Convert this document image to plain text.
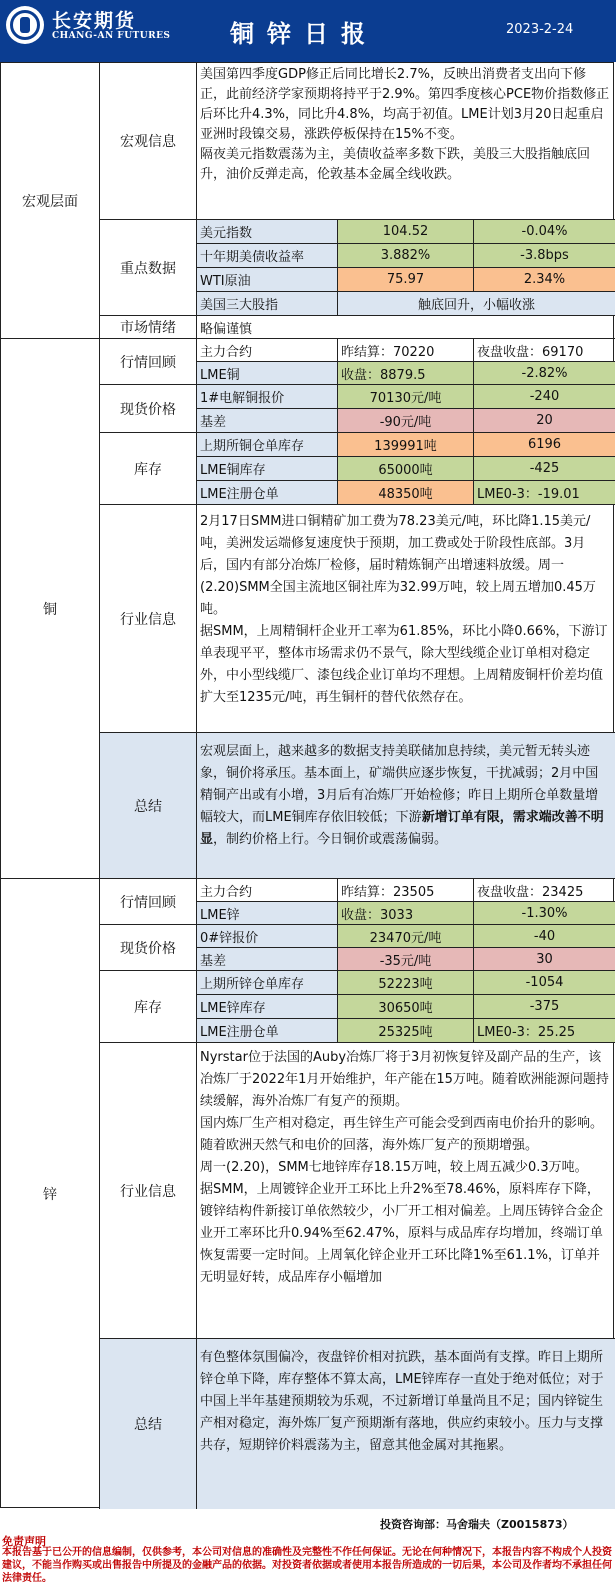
长安期货
CHANG-AN FUTURES 铜锌日报	2023-2-24
宏观层面
宏观信息

美国第四季度GDP修正后同比增长2.7%，反映出消费者支出向下修正，此前经济学家预期将持平于2.9%。第四季度核心PCE物价指数修正后环比升4.3%，同比升4.8%，均高于初值。LME计划3月20日起重启亚洲时段镍交易，涨跌停板保持在15%不变。

隔夜美元指数震荡为主，美债收益率多数下跌，美股三大股指触底回升，油价反弹走高，伦敦基本金属全线收跌。

重点数据
美元指数	104.52	-0.04%
十年期美债收益率	3.882%	-3.8bps
WTI原油	75.97	2.34%
美国三大股指	触底回升，小幅收涨
市场情绪	略偏谨慎
铜
行情回顾
主力合约	昨结算：70220	夜盘收盘：69170
LME铜	收盘：8879.5	-2.82%
现货价格
1#电解铜报价	70130元/吨	-240
基差	-90元/吨	20
库存
上期所铜仓单库存	139991吨	6196
LME铜库存	65000吨	-425
LME注册仓单	48350吨	LME0-3：-19.01
行业信息

2月17日SMM进口铜精矿加工费为78.23美元/吨，环比降1.15美元/吨，美洲发运端修复速度快于预期，加工费或处于阶段性底部。3月后，国内有部分冶炼厂检修，届时精炼铜产出增速料放缓。周一(2.20)SMM全国主流地区铜社库为32.99万吨，较上周五增加0.45万吨。

据SMM，上周精铜杆企业开工率为61.85%，环比小降0.66%，下游订单表现平平，整体市场需求仍不景气，除大型线缆企业订单相对稳定外，中小型线缆厂、漆包线企业订单均不理想。上周精废铜杆价差均值扩大至1235元/吨，再生铜杆的替代依然存在。

总结
宏观层面上，越来越多的数据支持美联储加息持续，美元暂无转头迹象，铜价将承压。基本面上，矿端供应逐步恢复，干扰减弱；2月中国精铜产出或有小增，3月后有冶炼厂开始检修；昨日上期所仓单数量增幅较大，而LME铜库存依旧较低；下游新增订单有限，需求端改善不明显，制约价格上行。今日铜价或震荡偏弱。
锌
行情回顾
主力合约	昨结算：23505	夜盘收盘：23425
LME锌	收盘：3033	-1.30%
现货价格
0#锌报价	23470元/吨	-40
基差	-35元/吨	30
库存
上期所锌仓单库存	52223吨	-1054
LME锌库存	30650吨	-375
LME注册仓单	25325吨	LME0-3：25.25
行业信息

Nyrstar位于法国的Auby冶炼厂将于3月初恢复锌及副产品的生产，该冶炼厂于2022年1月开始维护，年产能在15万吨。随着欧洲能源问题持续缓解，海外冶炼厂有复产的预期。

国内炼厂生产相对稳定，再生锌生产可能会受到西南电价抬升的影响。随着欧洲天然气和电价的回落，海外炼厂复产的预期增强。

周一(2.20)，SMM七地锌库存18.15万吨，较上周五减少0.3万吨。

据SMM，上周镀锌企业开工环比上升2%至78.46%，原料库存下降，镀锌结构件新接订单依然较少，小厂开工相对偏差。上周压铸锌合金企业开工率环比升0.94%至62.47%，原料与成品库存均增加，终端订单恢复需要一定时间。上周氧化锌企业开工环比降1%至61.1%，订单并无明显好转，成品库存小幅增加

总结
有色整体氛围偏冷，夜盘锌价相对抗跌，基本面尚有支撑。昨日上期所锌仓单下降，库存整体不算太高，LME锌库存一直处于绝对低位；对于中国上半年基建预期较为乐观，不过新增订单量尚且不足；国内锌锭生产相对稳定，海外炼厂复产预期渐有落地，供应约束较小。压力与支撑共存，短期锌价料震荡为主，留意其他金属对其拖累。
投资咨询部：马舍瑞夫（Z0015873）
免责声明
本报告基于已公开的信息编制，仅供参考，本公司对信息的准确性及完整性不作任何保证。无论在何种情况下，本报告内容不构成个人投资建议，不能当作购买或出售报告中所提及的金融产品的依据。对投资者依据或者使用本报告所造成的一切后果，本公司及作者均不承担任何法律责任。
